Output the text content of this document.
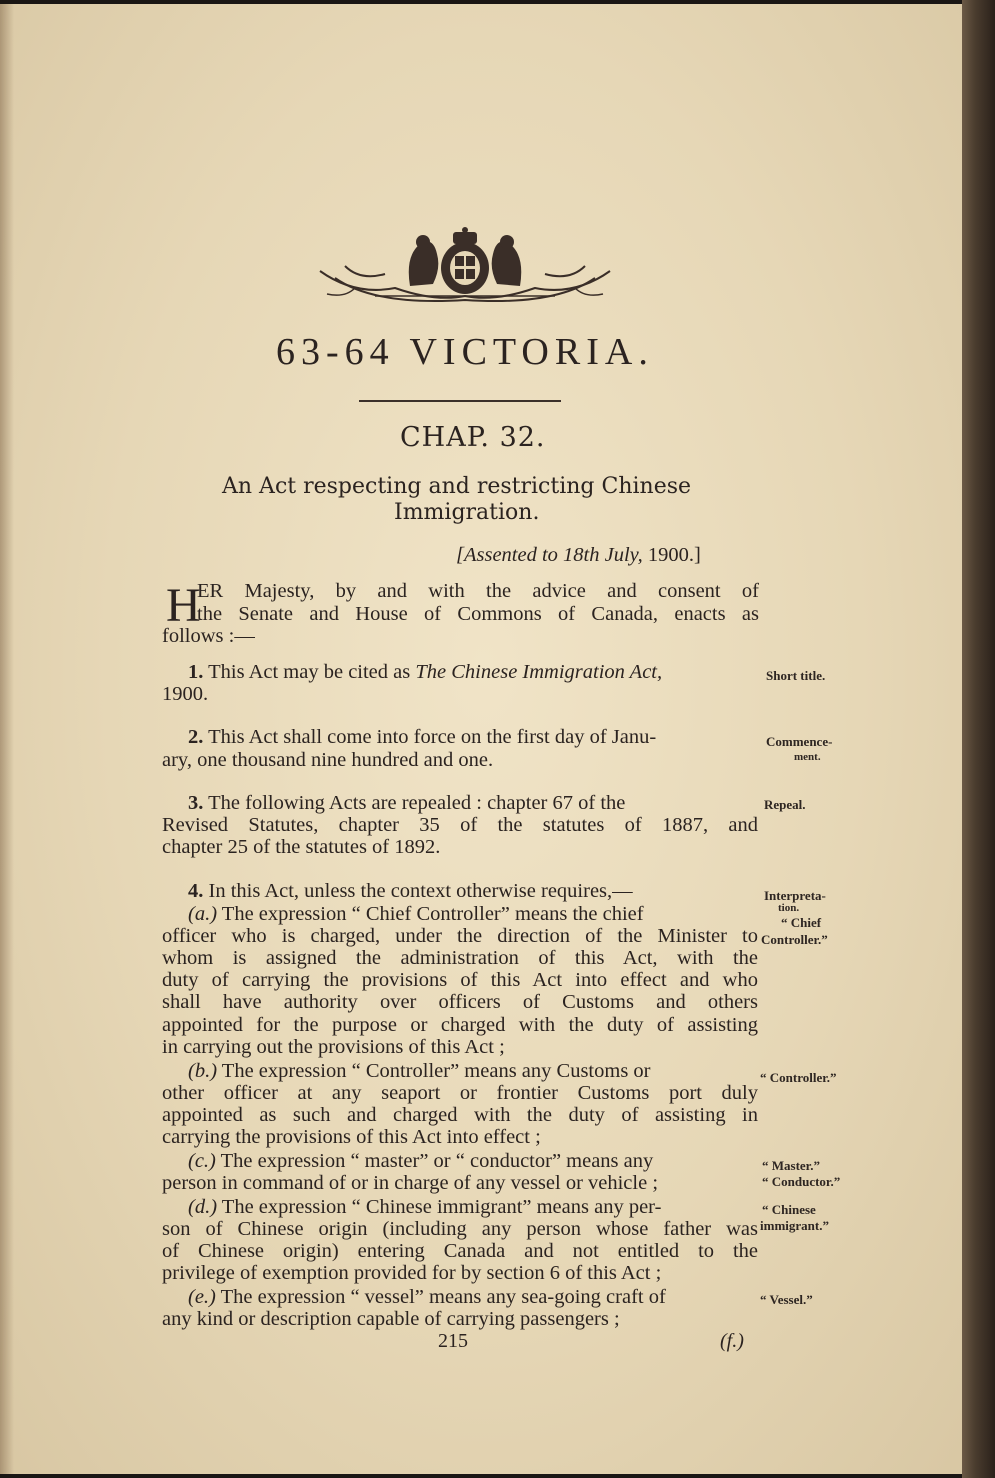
63-64 VICTORIA.
CHAP. 32.
An Act respecting and restricting Chinese
Immigration.
[Assented to 18th July, 1900.]
H
ER Majesty, by and with the advice and consent of
the Senate and House of Commons of Canada, enacts as
follows :—
1. This Act may be cited as The Chinese Immigration Act,
1900.
Short title.
2. This Act shall come into force on the first day of Janu-
ary, one thousand nine hundred and one.
Commence-
ment.
3. The following Acts are repealed : chapter 67 of the
Revised Statutes, chapter 35 of the statutes of 1887, and
chapter 25 of the statutes of 1892.
Repeal.
4. In this Act, unless the context otherwise requires,—	Interpreta-
tion.
(a.) The expression “ Chief Controller” means the chief
officer who is charged, under the direction of the Minister to
whom is assigned the administration of this Act, with the
duty of carrying the provisions of this Act into effect and who
shall have authority over officers of Customs and others
appointed for the purpose or charged with the duty of assisting
in carrying out the provisions of this Act ;
“ Chief
Controller.”
(b.) The expression “ Controller” means any Customs or
other officer at any seaport or frontier Customs port duly
appointed as such and charged with the duty of assisting in
carrying the provisions of this Act into effect ;
“ Controller.”
(c.) The expression “ master” or “ conductor” means any
person in command of or in charge of any vessel or vehicle ;
“ Master.”
“ Conductor.”
(d.) The expression “ Chinese immigrant” means any per-
son of Chinese origin (including any person whose father was
of Chinese origin) entering Canada and not entitled to the
privilege of exemption provided for by section 6 of this Act ;
“ Chinese
immigrant.”
(e.) The expression “ vessel” means any sea-going craft of
any kind or description capable of carrying passengers ;
“ Vessel.”
215	(f.)
